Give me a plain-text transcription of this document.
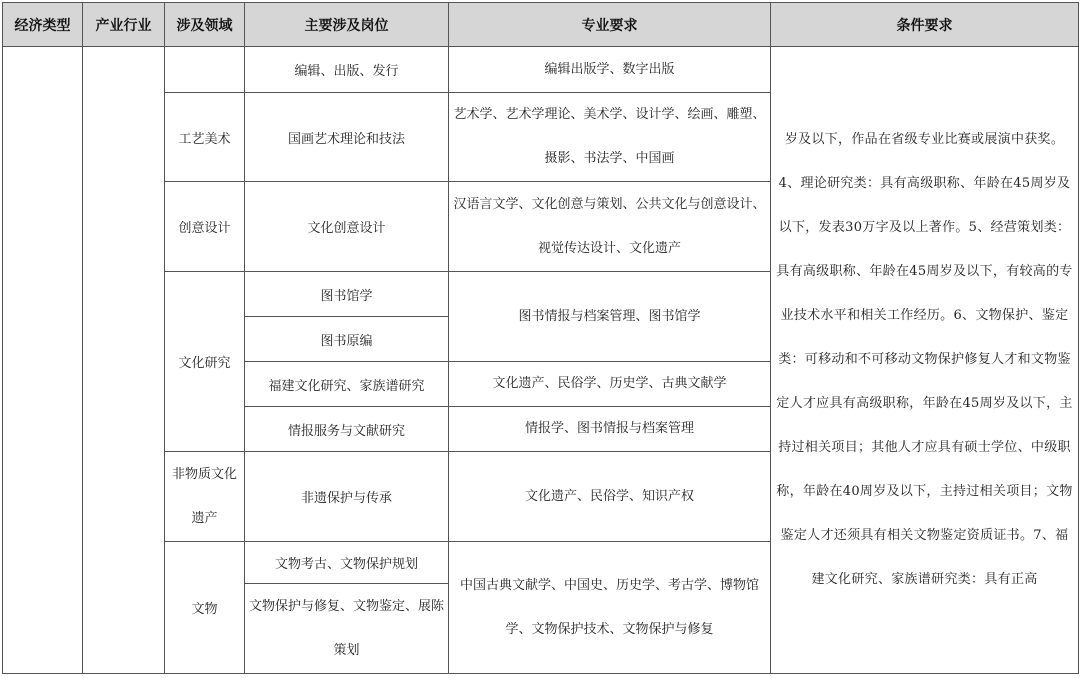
经济类型	产业行业	涉及领域	主要涉及岗位	专业要求	条件要求
			编辑、出版、发行	编辑出版学、数字出版	岁及以下，作品在省级专业比赛或展演中获奖。4、理论研究类：具有高级职称、年龄在45周岁及以下，发表30万字及以上著作。5、经营策划类：具有高级职称、年龄在45周岁及以下，有较高的专业技术水平和相关工作经历。6、文物保护、鉴定类：可移动和不可移动文物保护修复人才和文物鉴定人才应具有高级职称，年龄在45周岁及以下，主持过相关项目；其他人才应具有硕士学位、中级职称，年龄在40周岁及以下，主持过相关项目；文物鉴定人才还须具有相关文物鉴定资质证书。7、福建文化研究、家族谱研究类：具有正高

		工艺美术	国画艺术理论和技法	艺术学、艺术学理论、美术学、设计学、绘画、雕塑、摄影、书法学、中国画	
		创意设计	文化创意设计	汉语言文学、文化创意与策划、公共文化与创意设计、视觉传达设计、文化遗产	
		文化研究	图书馆学	图书情报与档案管理、图书馆学	
			图书原编		
			福建文化研究、家族谱研究	文化遗产、民俗学、历史学、古典文献学	
			情报服务与文献研究	情报学、图书情报与档案管理	
		非物质文化遗产	非遗保护与传承	文化遗产、民俗学、知识产权	
		文物	文物考古、文物保护规划	中国古典文献学、中国史、历史学、考古学、博物馆学、文物保护技术、文物保护与修复	
			文物保护与修复、文物鉴定、展陈策划		
